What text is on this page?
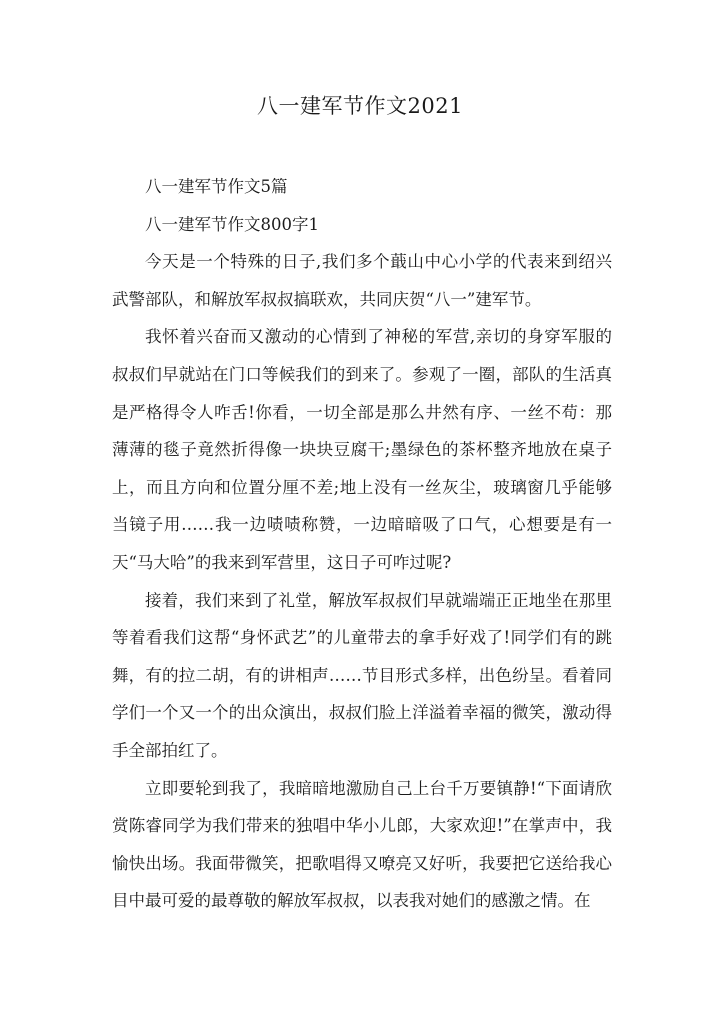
八一建军节作文2021

八一建军节作文5篇

八一建军节作文800字1

今天是一个特殊的日子,我们多个蕺山中心小学的代表来到绍兴武警部队，和解放军叔叔搞联欢，共同庆贺“八一”建军节。

我怀着兴奋而又激动的心情到了神秘的军营,亲切的身穿军服的叔叔们早就站在门口等候我们的到来了。参观了一圈，部队的生活真是严格得令人咋舌!你看，一切全部是那么井然有序、一丝不苟：那薄薄的毯子竟然折得像一块块豆腐干;墨绿色的茶杯整齐地放在桌子上，而且方向和位置分厘不差;地上没有一丝灰尘，玻璃窗几乎能够当镜子用……我一边啧啧称赞，一边暗暗吸了口气，心想要是有一天“马大哈”的我来到军营里，这日子可咋过呢?

接着，我们来到了礼堂，解放军叔叔们早就端端正正地坐在那里等着看我们这帮“身怀武艺”的儿童带去的拿手好戏了!同学们有的跳舞，有的拉二胡，有的讲相声……节目形式多样，出色纷呈。看着同学们一个又一个的出众演出，叔叔们脸上洋溢着幸福的微笑，激动得手全部拍红了。

立即要轮到我了，我暗暗地激励自己上台千万要镇静!“下面请欣赏陈睿同学为我们带来的独唱中华小儿郎，大家欢迎!”在掌声中，我愉快出场。我面带微笑，把歌唱得又嘹亮又好听，我要把它送给我心目中最可爱的最尊敬的解放军叔叔，以表我对她们的感激之情。在
